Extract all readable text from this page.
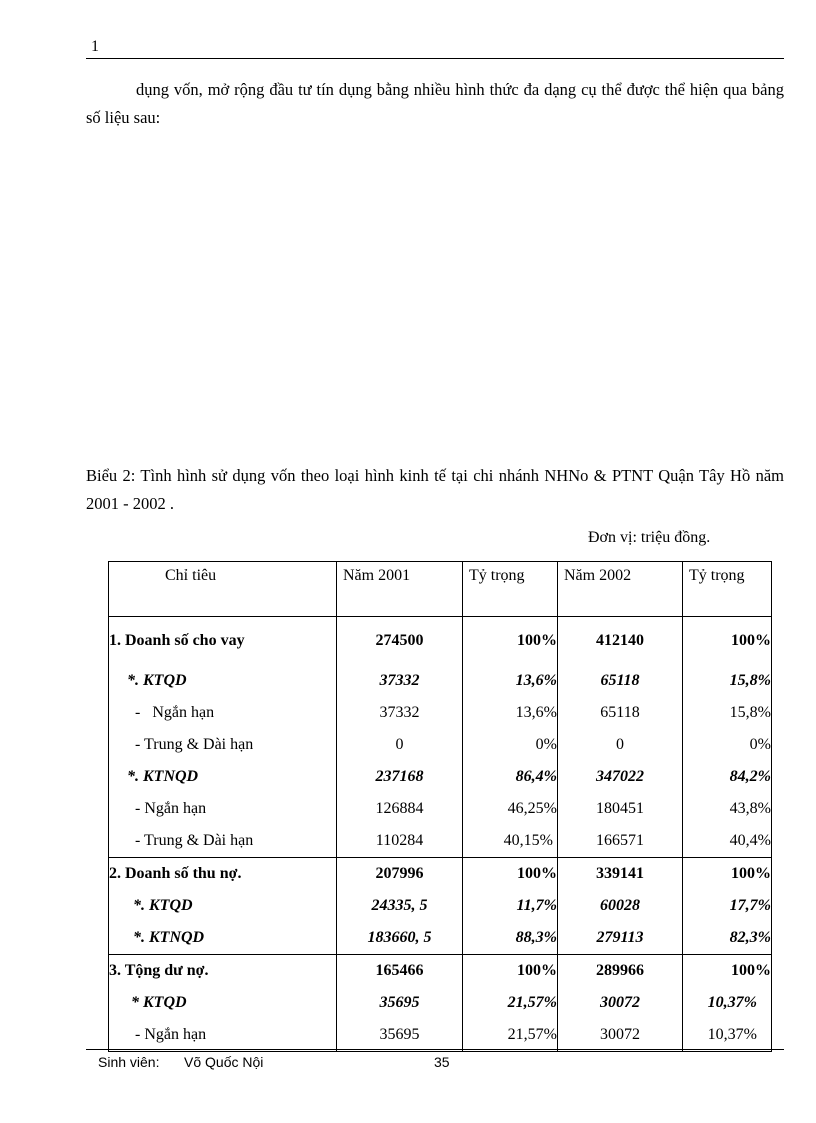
1
dụng vốn, mở rộng đầu tư tín dụng bằng nhiều hình thức đa dạng cụ thể được thể hiện qua bảng số liệu sau:
Biểu 2: Tình hình sử dụng vốn theo loại hình kinh tế tại chi nhánh NHNo & PTNT Quận Tây Hồ năm 2001 - 2002 .
Đơn vị: triệu đồng.
Chỉ tiêu	Năm 2001	Tỷ trọng	Năm 2002	Tỷ trọng
1. Doanh số cho vay	274500	100%	412140	100%
*. KTQD	37332	13,6%	65118	15,8%
-   Ngắn hạn	37332	13,6%	65118	15,8%
- Trung & Dài hạn	0	0%	0	0%
*. KTNQD	237168	86,4%	347022	84,2%
- Ngắn hạn	126884	46,25%	180451	43,8%
- Trung & Dài hạn	110284	40,15%	166571	40,4%
2. Doanh số thu nợ.	207996	100%	339141	100%
*. KTQD	24335, 5	11,7%	60028	17,7%
*. KTNQD	183660, 5	88,3%	279113	82,3%
3. Tộng dư nợ.	165466	100%	289966	100%
* KTQD	35695	21,57%	30072	10,37%
- Ngắn hạn	35695	21,57%	30072	10,37%
Sinh viên: Võ Quốc Nội	35
